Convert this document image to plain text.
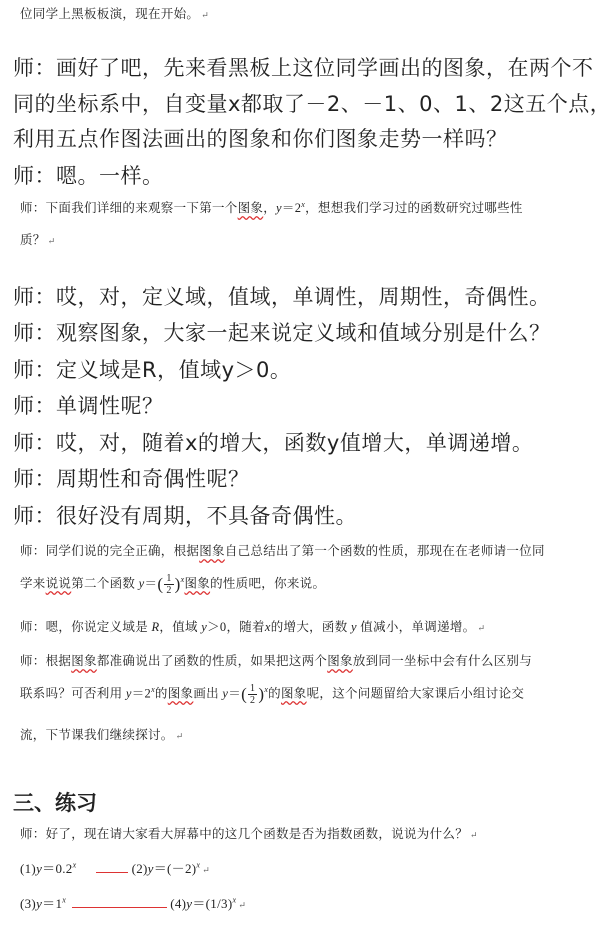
位同学上黑板板演，现在开始。 ↵
师：画好了吧，先来看黑板上这位同学画出的图象，在两个不
同的坐标系中，自变量x都取了－2、－1、0、1、2这五个点，
利用五点作图法画出的图象和你们图象走势一样吗？
师：嗯。一样。
师：下面我们详细的来观察一下第一个图象，$y=2^x$，想想我们学习过的函数研究过哪些性
质？ ↵
师：哎，对，定义域，值域，单调性，周期性，奇偶性。
师：观察图象，大家一起来说定义域和值域分别是什么？
师：定义域是R，值域y＞0。
师：单调性呢？
师：哎，对，随着x的增大，函数y值增大，单调递增。
师：周期性和奇偶性呢？
师：很好没有周期，不具备奇偶性。
师：同学们说的完全正确，根据图象自己总结出了第一个函数的性质，那现在在老师请一位同
学来说说第二个函数 $y=( \frac{1}{2} )^x$图象的性质吧，你来说。
师：嗯，你说定义域是 R，值域 y＞0，随着x的增大，函数 y 值减小，单调递增。 ↵
师：根据图象都准确说出了函数的性质，如果把这两个图象放到同一坐标中会有什么区别与
联系吗？可否利用 $y=2^x$的图象画出 $y=( \frac{1}{2} )^x$的图象呢，这个问题留给大家课后小组讨论交
流，下节课我们继续探讨。 ↵
三、练习
师：好了，现在请大家看大屏幕中的这几个函数是否为指数函数，说说为什么？ ↵
$(1)y=0.2^x$	$(2)y=(-2)^x$ ↵
$(3)y=1^x$	$(4)y=(1/3)^x$ ↵
